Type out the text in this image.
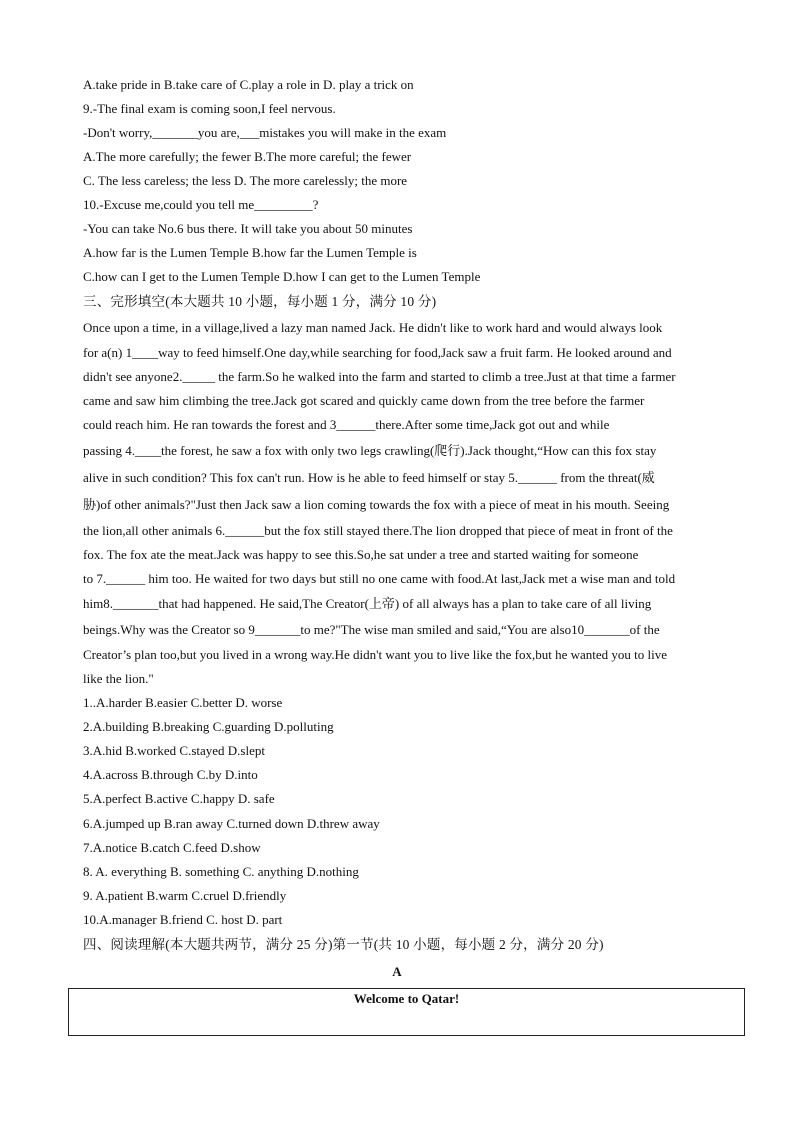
A.take pride in B.take care of C.play a role in D. play a trick on
9.-The final exam is coming soon,I feel nervous.
-Don't worry,_______you are,___mistakes you will make in the exam
A.The more carefully; the fewer B.The more careful; the fewer
C. The less careless; the less D. The more carelessly; the more
10.-Excuse me,could you tell me_________?
-You can take No.6 bus there. It will take you about 50 minutes
A.how far is the Lumen Temple B.how far the Lumen Temple is
C.how can I get to the Lumen Temple D.how I can get to the Lumen Temple
三、完形填空(本大题共 10 小题，每小题 1 分，满分 10 分)
Once upon a time, in a village,lived a lazy man named Jack. He didn't like to work hard and would always look
for a(n) 1____way to feed himself.One day,while searching for food,Jack saw a fruit farm. He looked around and
didn't see anyone2._____ the farm.So he walked into the farm and started to climb a tree.Just at that time a farmer
came and saw him climbing the tree.Jack got scared and quickly came down from the tree before the farmer
could reach him. He ran towards the forest and 3______there.After some time,Jack got out and while
passing 4.____the forest, he saw a fox with only two legs crawling(爬行).Jack thought,“How can this fox stay
alive in such condition? This fox can't run. How is he able to feed himself or stay 5.______ from the threat(威
胁)of other animals?"Just then Jack saw a lion coming towards the fox with a piece of meat in his mouth. Seeing
the lion,all other animals 6.______but the fox still stayed there.The lion dropped that piece of meat in front of the
fox. The fox ate the meat.Jack was happy to see this.So,he sat under a tree and started waiting for someone
to 7.______ him too. He waited for two days but still no one came with food.At last,Jack met a wise man and told
him8._______that had happened. He said,The Creator(上帝) of all always has a plan to take care of all living
beings.Why was the Creator so 9_______to me?"The wise man smiled and said,“You are also10_______of the
Creator’s plan too,but you lived in a wrong way.He didn't want you to live like the fox,but he wanted you to live
like the lion."
1..A.harder B.easier C.better D. worse
2.A.building B.breaking C.guarding D.polluting
3.A.hid B.worked C.stayed D.slept
4.A.across B.through C.by D.into
5.A.perfect B.active C.happy D. safe
6.A.jumped up B.ran away C.turned down D.threw away
7.A.notice B.catch C.feed D.show
8. A. everything B. something C. anything D.nothing
9. A.patient B.warm C.cruel D.friendly
10.A.manager B.friend C. host D. part
四、阅读理解(本大题共两节，满分 25 分)第一节(共 10 小题，每小题 2 分，满分 20 分)
A
Welcome to Qatar!
